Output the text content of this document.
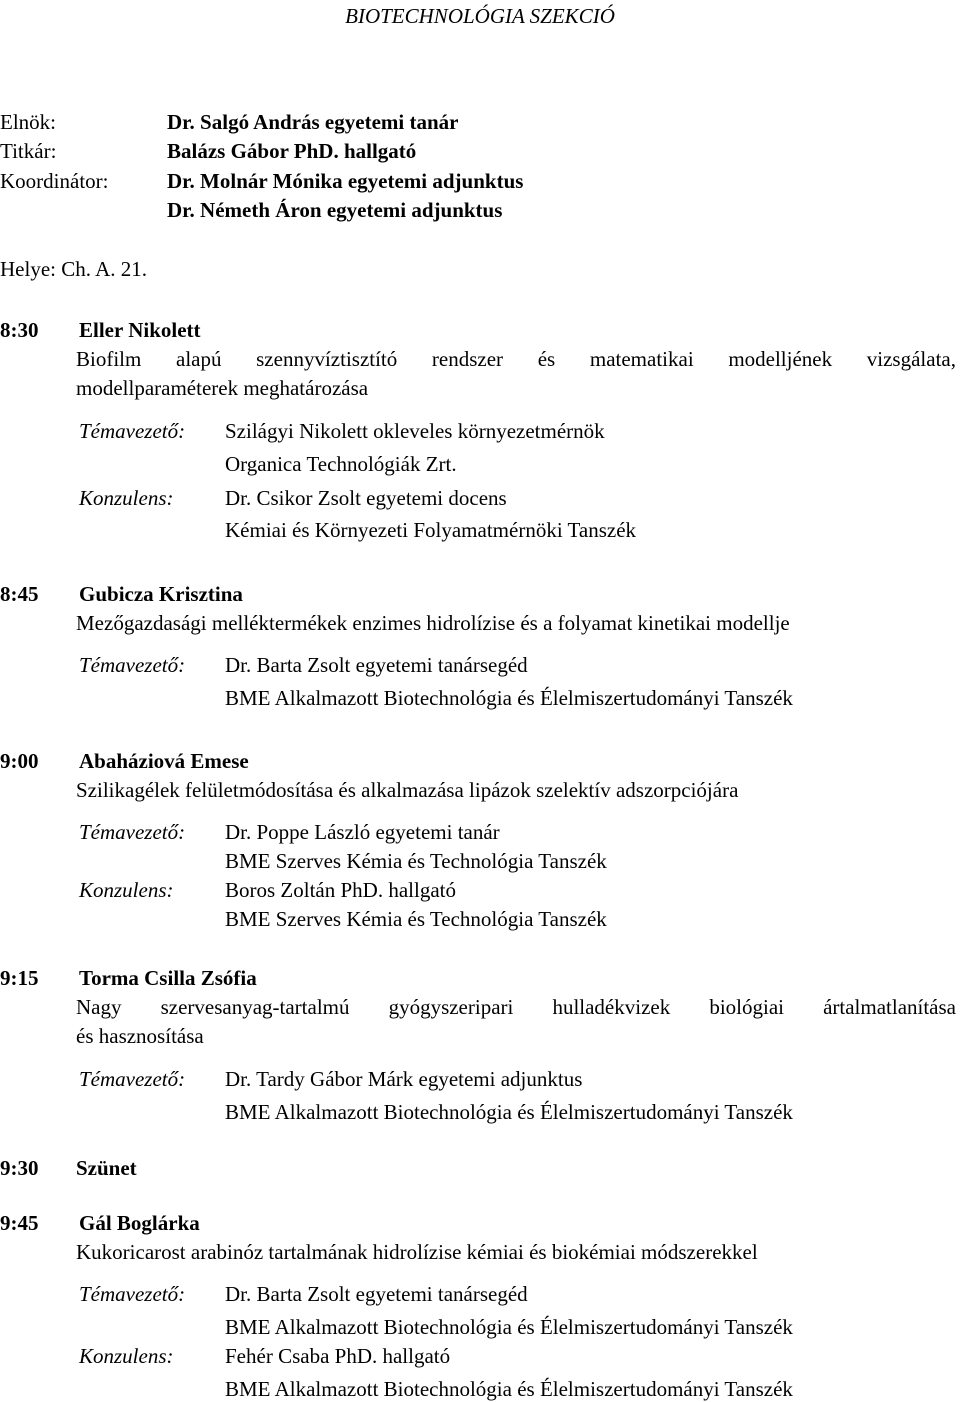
BIOTECHNOLÓGIA SZEKCIÓ
Elnök:	Dr. Salgó András egyetemi tanár
Titkár:	Balázs Gábor PhD. hallgató
Koordinátor:	Dr. Molnár Mónika egyetemi adjunktus
Dr. Németh Áron egyetemi adjunktus
Helye: Ch. A. 21.
8:30 Eller Nikolett
Biofilm alapú szennyvíztisztító rendszer és matematikai modelljének vizsgálata,
modellparaméterek meghatározása
Témavezető: Szilágyi Nikolett okleveles környezetmérnök
Organica Technológiák Zrt.
Konzulens: Dr. Csikor Zsolt egyetemi docens
Kémiai és Környezeti Folyamatmérnöki Tanszék
8:45 Gubicza Krisztina
Mezőgazdasági melléktermékek enzimes hidrolízise és a folyamat kinetikai modellje
Témavezető: Dr. Barta Zsolt egyetemi tanársegéd
BME Alkalmazott Biotechnológia és Élelmiszertudományi Tanszék
9:00 Abaháziová Emese
Szilikagélek felületmódosítása és alkalmazása lipázok szelektív adszorpciójára
Témavezető: Dr. Poppe László egyetemi tanár
BME Szerves Kémia és Technológia Tanszék
Konzulens: Boros Zoltán PhD. hallgató
BME Szerves Kémia és Technológia Tanszék
9:15 Torma Csilla Zsófia
Nagy szervesanyag-tartalmú gyógyszeripari hulladékvizek biológiai ártalmatlanítása
és hasznosítása
Témavezető: Dr. Tardy Gábor Márk egyetemi adjunktus
BME Alkalmazott Biotechnológia és Élelmiszertudományi Tanszék
9:30 Szünet
9:45 Gál Boglárka
Kukoricarost arabinóz tartalmának hidrolízise kémiai és biokémiai módszerekkel
Témavezető: Dr. Barta Zsolt egyetemi tanársegéd
BME Alkalmazott Biotechnológia és Élelmiszertudományi Tanszék
Konzulens: Fehér Csaba PhD. hallgató
BME Alkalmazott Biotechnológia és Élelmiszertudományi Tanszék
